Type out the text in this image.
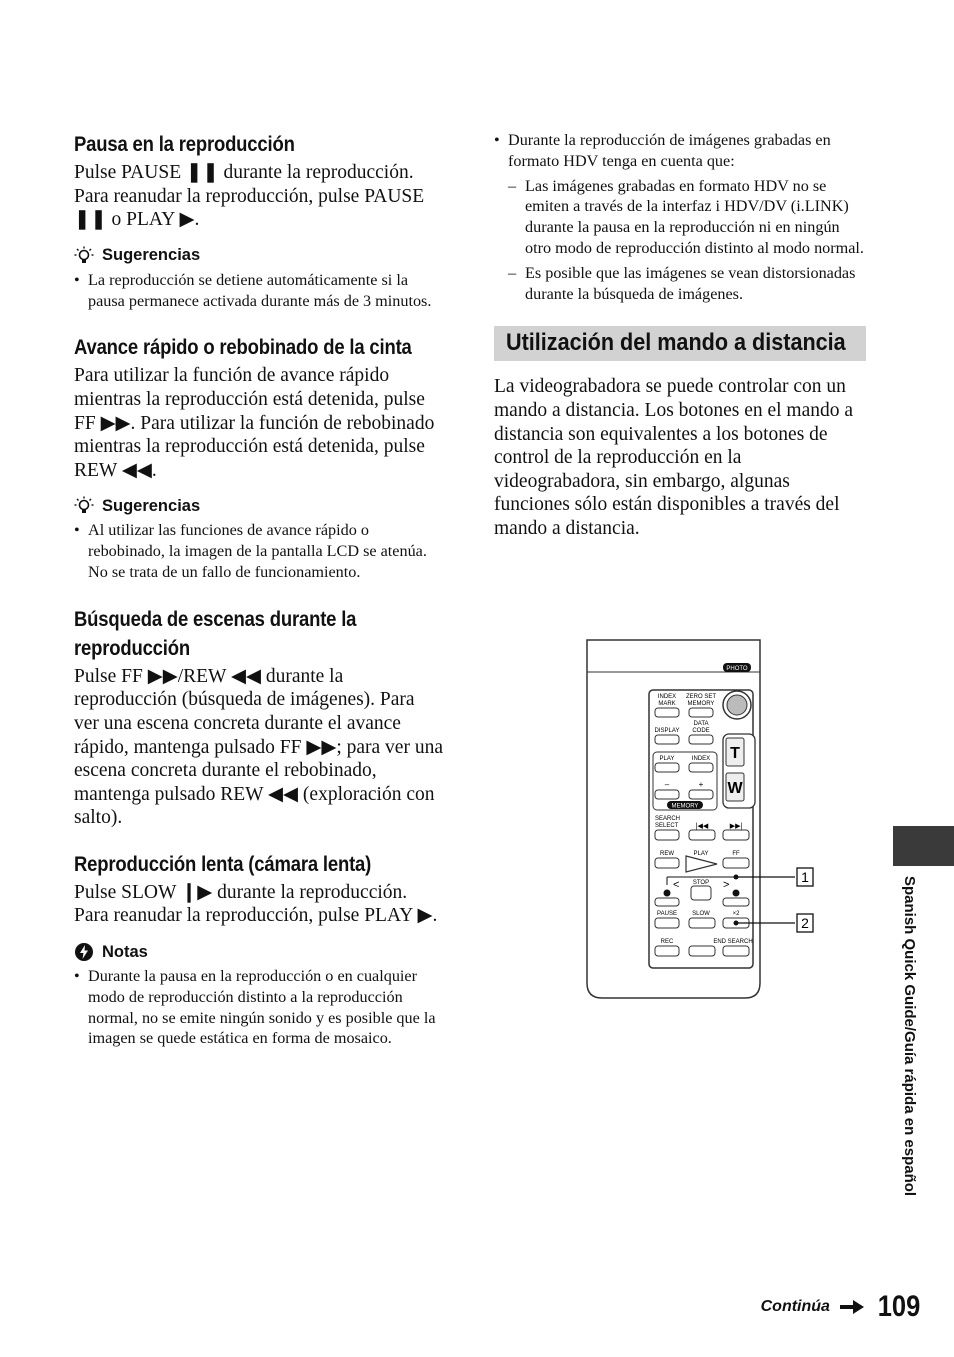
Pausa en la reproducción

Pulse PAUSE ❚❚ durante la reproducción. Para reanudar la reproducción, pulse PAUSE ❚❚ o PLAY ▶.

Sugerencias
• La reproducción se detiene automáticamente si la pausa permanece activada durante más de 3 minutos.
Avance rápido o rebobinado de la cinta

Para utilizar la función de avance rápido mientras la reproducción está detenida, pulse FF ▶▶. Para utilizar la función de rebobinado mientras la reproducción está detenida, pulse REW ◀◀.

Sugerencias
• Al utilizar las funciones de avance rápido o rebobinado, la imagen de la pantalla LCD se atenúa. No se trata de un fallo de funcionamiento.
Búsqueda de escenas durante la reproducción

Pulse FF ▶▶/REW ◀◀ durante la reproducción (búsqueda de imágenes). Para ver una escena concreta durante el avance rápido, mantenga pulsado FF ▶▶; para ver una escena concreta durante el rebobinado, mantenga pulsado REW ◀◀ (exploración con salto).

Reproducción lenta (cámara lenta)

Pulse SLOW ❙▶ durante la reproducción. Para reanudar la reproducción, pulse PLAY ▶.

Notas
• Durante la pausa en la reproducción o en cualquier modo de reproducción distinto a la reproducción normal, no se emite ningún sonido y es posible que la imagen se quede estática en forma de mosaico.
• Durante la reproducción de imágenes grabadas en formato HDV tenga en cuenta que:
– Las imágenes grabadas en formato HDV no se emiten a través de la interfaz i HDV/DV (i.LINK) durante la pausa en la reproducción ni en ningún otro modo de reproducción distinto al modo normal.
– Es posible que las imágenes se vean distorsionadas durante la búsqueda de imágenes.
Utilización del mando a distancia

La videograbadora se puede controlar con un mando a distancia. Los botones en el mando a distancia son equivalentes a los botones de control de la reproducción en la videograbadora, sin embargo, algunas funciones sólo están disponibles a través del mando a distancia.

PHOTO
T
W
INDEX
MARK
ZERO SET
MEMORY
DATA
CODE
DISPLAY
PLAY	INDEX
–	+
MEMORY
SEARCH
SELECT |◀◀	▶▶|
REW	PLAY	FF
STOP
<	>
PAUSE	SLOW	×2
REC	END SEARCH
1
2	Spanish Quick Guide/Guía rápida en español
Continúa 109
